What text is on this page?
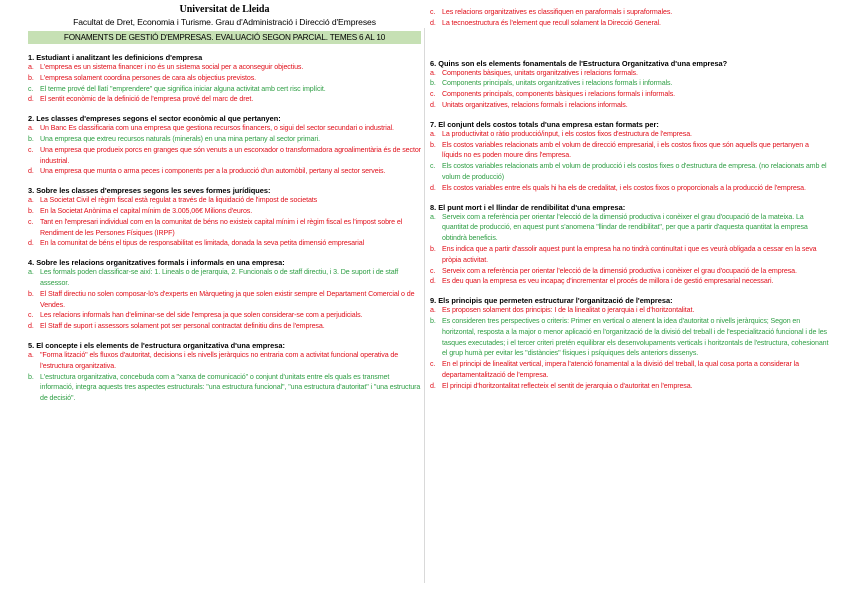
Universitat de Lleida
Facultat de Dret, Economia i Turisme. Grau d'Administració i Direcció d'Empreses
FONAMENTS DE GESTIÓ D'EMPRESAS. EVALUACIÓ SEGON PARCIAL. TEMES 6 AL 10
1. Estudiant i analitzant les definicions d'empresa
a. L'empresa es un sistema financer i no és un sistema social per a aconseguir objectius.
b. L'empresa solament coordina persones de cara als objectius previstos.
c. El terme prové del llatí "emprendere" que significa iniciar alguna activitat amb cert risc implícit.
d. El sentit econòmic de la definició de l'empresa prové del marc de dret.
2. Les classes d'empreses segons el sector econòmic al que pertanyen:
a. Un Banc Es classificaria com una empresa que gestiona recursos financers, o sigui del sector secundari o industrial.
b. Una empresa que extreu recursos naturals (minerals) en una mina pertany al sector primari.
c. Una empresa que produeix porcs en granges que són venuts a un escorxador o transformadora agroalimentària és de sector industrial.
d. Una empresa que munta o arma peces i components per a la producció d'un automòbil, pertany al sector serveis.
3. Sobre les classes d'empreses segons les seves formes jurídiques:
a. La Societat Civil el règim fiscal està regulat a través de la liquidació de l'impost de societats
b. En la Societat Anònima el capital mínim de 3.005,06€ Milions d'euros.
c. Tant en l'empresari individual com en la comunitat de béns no existeix capital mínim i el règim fiscal es l'impost sobre el Rendiment de les Persones Físiques (IRPF)
d. En la comunitat de béns el tipus de responsabilitat es limitada, donada la seva petita dimensió empresarial
4. Sobre les relacions organitzatives formals i informals en una empresa:
a. Les formals poden classificar-se així: 1. Lineals o de jerarquia, 2. Funcionals o de staff directiu, i 3. De suport i de staff assessor.
b. El Staff directiu no solen composar-lo's d'experts en Màrqueting ja que solen existir sempre el Departament Comercial o de Vendes.
c. Les relacions informals han d'eliminar-se del side l'empresa ja que solen considerar-se com a perjudicials.
d. El Staff de suport i assessors solament pot ser personal contractat definitiu dins de l'empresa.
5. El concepte i els elements de l'estructura organitzativa d'una empresa:
a. "Forma lització" els fluxos d'autoritat, decisions i els nivells jeràrquics no entraria com a activitat funcional operativa de l'estructura organitzativa.
b. L'estructura organitzativa, concebuda com a "xarxa de comunicació" o conjunt d'unitats entre els quals es transmet informació, integra aquests tres aspectes estructurals: "una estructura funcional", "una estructura d'autoritat" i "una estructura de decisió".
c. Les relacions organitzatives es classifiquen en paraformals i supraformales.
d. La tecnoestructura és l'element que recull solament la Direcció General.
6. Quins son els elements fonamentals de l'Estructura Organitzativa d'una empresa?
a. Components bàsiques, unitats organitzatives i relacions formals.
b. Components principals, unitats organitzatives i relacions formals i informals.
c. Components principals, components bàsiques i relacions formals i informals.
d. Unitats organitzatives, relacions formals i relacions informals.
7. El conjunt dels costos totals d'una empresa estan formats per:
a. La productivitat o ràtio producció/input, i els costos fixos d'estructura de l'empresa.
b. Els costos variables relacionats amb el volum de direcció empresarial, i els costos fixos que són aquells que pertanyen a líquids no es poden moure dins l'empresa.
c. Els costos variables relacionats amb el volum de producció i els costos fixes o d'estructura de empresa. (no relacionats amb el volum de producció)
d. Els costos variables entre els quals hi ha els de credalitat, i els costos fixos o proporcionals a la producció de l'empresa.
8. El punt mort i el llindar de rendibilitat d'una empresa:
a. Serveix com a referència per orientar l'elecció de la dimensió productiva i conèixer el grau d'ocupació de la mateixa. La quantitat de producció, en aquest punt s'anomena "llindar de rendibilitat", per que a partir d'aquesta quantitat la empresa obtindrà beneficis.
b. Ens indica que a partir d'assolir aquest punt la empresa ha no tindrà continuïtat i que es veurà obligada a cessar en la seva pròpia activitat.
c. Serveix com a referència per orientar l'elecció de la dimensió productiva i conèixer el grau d'ocupació de la empresa.
d. Es deu quan la empresa es veu incapaç d'incrementar el procés de millora i de gestió empresarial necessari.
9. Els principis que permeten estructurar l'organització de l'empresa:
a. Es proposen solament dos principis: I de la linealitat o jerarquia i el d'horitzontalitat.
b. Es consideren tres perspectives o criteris: Primer en vertical o atenent la idea d'autoritat o nivells jeràrquics; Segon en horitzontal, resposta a la major o menor aplicació en l'organització de la divisió del treball i de l'especialització funcional i de les tasques executades; i el tercer criteri pretén equilibrar els desenvolupaments verticals i horitzontals de l'estructura, cohesionant el grup humà per evitar les "distàncies" físiques i psíquiques dels anteriors dissenys.
c. En el principi de linealitat vertical, impera l'atenció fonamental a la divisió del treball, la qual cosa porta a considerar la departamentalització de l'empresa.
d. El principi d'horitzontalitat reflecteix el sentit de jerarquia o d'autoritat en l'empresa.
